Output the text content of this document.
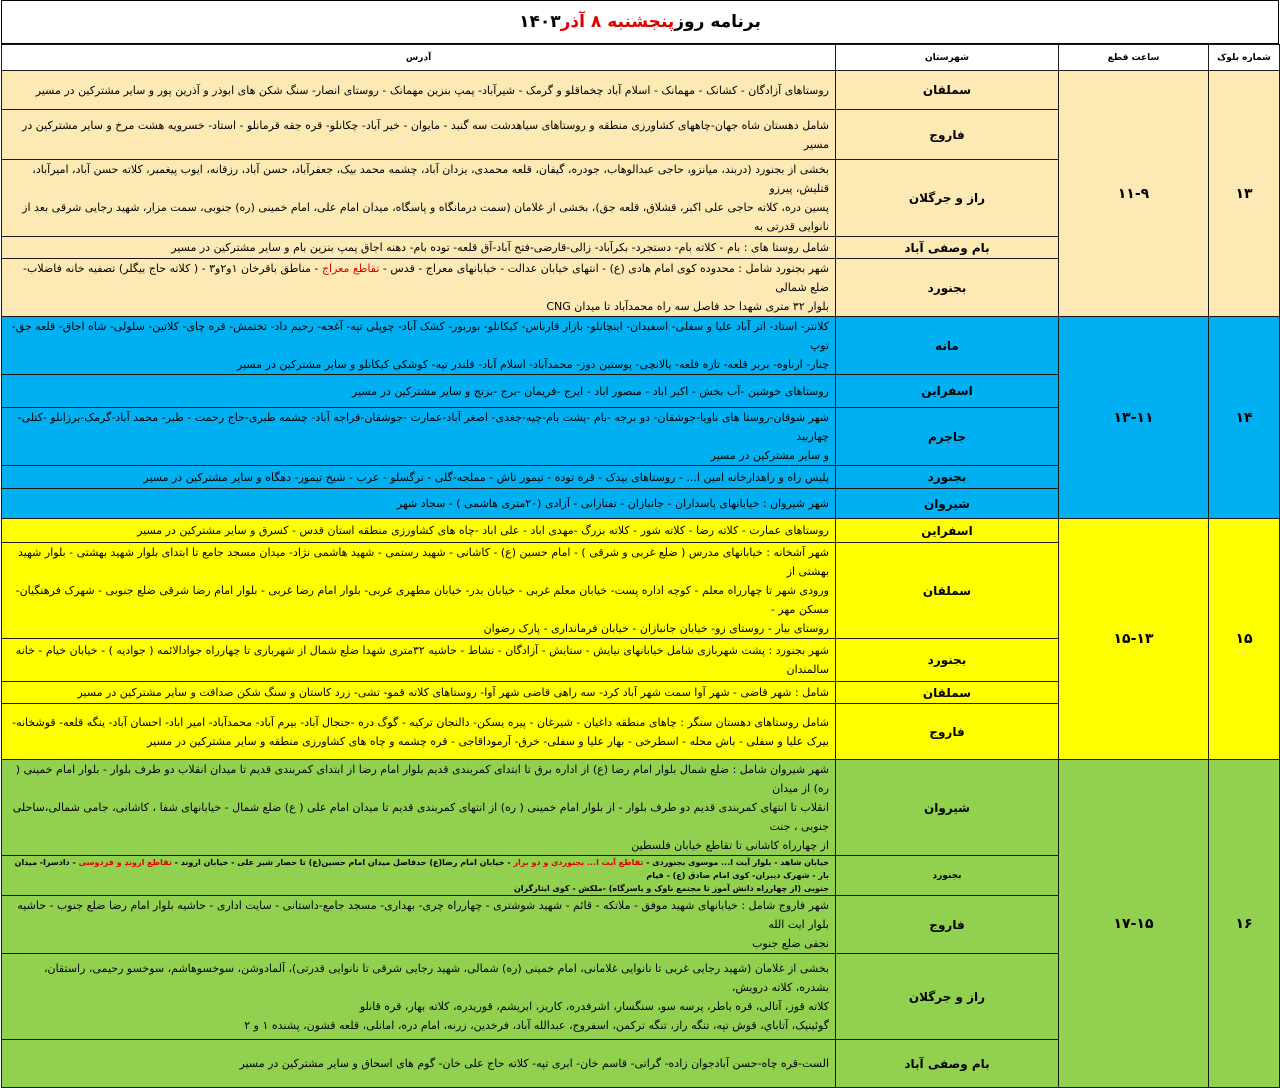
برنامه روز
پنجشنبه ۸ آذر
۱۴۰۳
شماره بلوک	ساعت قطع	شهرستان	آدرس
۱۳	۱۱-۹	سملقان	روستاهای آزادگان - کشانک - مهمانک - اسلام آباد چخماقلو و گرمک - شیرآباد- پمپ بنزین مهمانک - روستای انصار- سنگ شکن های ابوذر و آذرین پور و سایر مشترکین در مسیر
		فاروج	شامل دهستان شاه جهان-چاههای کشاورزی منطقه و روستاهای سیاهدشت سه گنبد - مایوان - خیر آباد- چکانلو- قره جقه قرمانلو - استاد- خسرویه هشت مرخ و سایر مشترکین در مسیر
		راز و جرگلان	بخشی از بجنورد (دربند، میانزو، حاجی عبدالوهاب، جودره، گیفان، قلعه محمدی، یزدان آباد، چشمه محمد بیک، جعفرآباد، حسن آباد، رزقانه، ایوب پیغمبر، کلاته حسن آباد، امیرآباد، قتلیش، پیرزو
پسین دره، کلاته حاجی علی اکبر، قشلاق، قلعه جق)، بخشی از غلامان (سمت درمانگاه و پاسگاه، میدان امام علی، امام خمینی (ره) جنوبی، سمت مزار، شهید رجایی شرقی بعد از نانوایی قدرتی به
		بام وصفی آباد	شامل روستا های : بام - کلاته بام- دستجرد- بکرآباد- زالی-قارضی-فتح آباد-آق قلعه- توده بام- دهنه اجاق پمپ بنزین بام و سایر مشترکین در مسیر
		بجنورد	شهر بجنورد شامل : محدوده کوی امام هادی (ع) - انتهای خیابان عدالت - خیابانهای معراج - قدس - تقاطع معراج - مناطق باقرخان ۱و۲و۳ - ( کلاته حاج بیگلر) تصفیه خانه فاضلاب-ضلع شمالی
بلوار ۳۲ متری شهدا حد فاصل سه راه محمدآباد تا میدان CNG
۱۴	۱۳-۱۱	مانه	کلانتر- استاد- اتر آباد علیا و سفلی- اسفیدان- اینچانلو- بازار قارناس- کیکانلو- بوربور- کشک آباد- چوپلی تپه- آغجه- رحیم داد- تختمش- قره چای- کلاتین- سلولی- شاه اجاق- قلعه جق- توپ
چنار- ارناوه- بربر قلعه- تازه قلعه- یالانچی- پوستین دوز- محمدآباد- اسلام آباد- قلندر تپه- کوشکی کیکانلو و سایر مشترکین در مسیر
		اسفراین	روستاهای خوشین -آب بخش - اکبر اباد - منصور اباد - ایرج -فریمان -برج -بزنج و سایر مشترکین در مسیر
		جاجرم	شهر شوقان-روستا های ناویا-جوشقان- دو برجه -بام -پشت بام-چیه-جغدی- اصغر آباد-عمارت -جوشقان-قراجه آباد- چشمه طبری-حاج رحمت - طبر- محمد آباد-گرمک-برزانلو -کتلی-چهاربید
و سایر مشترکین در مسیر
		بجنورد	پلیس راه و راهدارخانه امین ا... - روستاهای بیدک - قره توده - تیمور تاش - مملجه-گلی - ترگسلو - عرب - شیخ تیمور- دهگاه و سایر مشترکین در مسیر
		شیروان	شهر شیروان : خیابانهای پاسداران - جانبازان - تفتازانی - آزادی (۲۰متری هاشمی ) - سجاد شهر
۱۵	۱۵-۱۳	اسفراین	روستاهای عمارت - کلاته رضا - کلاته شور - کلاته بزرگ -مهدی اباد - علی اباد -چاه های کشاورزی منطقه استان قدس - کسرق و سایر مشترکین در مسیر
		سملقان	شهر آشخانه : خیابانهای مدرس ( ضلع غربی و شرقی ) - امام حسین (ع) - کاشانی - شهید رستمی - شهید هاشمی نژاد- میدان مسجد جامع تا ابتدای بلوار شهید بهشتی - بلوار شهید بهشتی از
ورودی شهر تا چهارراه معلم - کوچه اداره پست- خیابان معلم غربی - خیابان بدر- خیابان مطهری غربی- بلوار امام رضا غربی - بلوار امام رضا شرقی ضلع جنوبی - شهرک فرهنگیان- مسکن مهر -
روستای بیار - روستای زو- خیابان جانبازان - خیابان فرمانداری - پارک رضوان
		بجنورد	شهر بجنورد : پشت شهربازی شامل خیابانهای نیایش - ستایش - آزادگان - نشاط - حاشیه ۳۲متری شهدا ضلع شمال از شهربازی تا چهارراه جوادالائمه ( جوادیه ) - خیابان خیام - خانه سالمندان
		سملقان	شامل : شهر قاضی - شهر آوا سمت شهر آباد کرد- سه راهی قاضی شهر آوا- روستاهای کلاته قمو- تشی- زرد کاستان و سنگ شکن صداقت و سایر مشترکین در مسیر
		فاروج	شامل روستاهای دهستان سنگر : چاهای منطقه داغیان - شیرغان - پیره یسکن- دالنجان ترکیه - گوگ دره -جنجال آباد- بیرم آباد- محمدآباد- امیر اباد- احسان آباد- ینگه قلعه- قوشخانه-
بیرک علیا و سفلی - باش محله - اسطرخی - بهار علیا و سفلی- خرق- آرموداقاجی - قره چشمه و چاه های کشاورزی منطقه و سایر مشترکین در مسیر
۱۶	۱۷-۱۵	شیروان	شهر شیروان شامل : ضلع شمال بلوار امام رضا (ع) از اداره برق تا ابتدای کمربندی قدیم بلوار امام رضا از ابتدای کمربندی قدیم تا میدان انقلاب دو طرف بلوار - بلوار امام خمینی ( ره) از میدان
انقلاب تا انتهای کمربندی قدیم دو طرف بلوار - از بلوار امام خمینی ( ره) از انتهای کمربندی قدیم تا میدان امام علی ( ع) ضلع شمال - خیابانهای شفا ، کاشانی، جامی شمالی،ساحلی جنوبی ، جنت
از چهارراه کاشانی تا تقاطع خیابان فلسطین
		بجنورد	خیابان شاهد - بلوار آیت ا... موسوی بجنوردی - تقاطع آیت ا... بجنوردی و دو برار - خیابان امام رضا(ع) حدفاصل میدان امام حسین(ع) تا حصار شیر علی - خیابان اروند - تقاطع اروند و فردوسی - دادسرا- میدان بار - شهرک دیبران- کوی امام صادق (ع) - قیام
جنوبی (از چهارراه دانش آموز تا مجتمع ناوک و یاسرگاه) -ملکش - کوی ایثارگران
		فاروج	شهر فاروج شامل : خیابانهای شهید موفق - ملاتکه - قائم - شهید شوشتری - چهارراه چری- بهداری- مسجد جامع-داستانی - سایت اداری - حاشیه بلوار امام رضا ضلع جنوب - حاشیه بلوار ایت الله
نجفی ضلع جنوب
		راز و جرگلان	بخشی از غلامان (شهید رجایی غربی تا نانوایی غلامانی، امام خمینی (ره) شمالی، شهید رجایی شرقی تا نانوایی قدرتی)، آلمادوشن، سوخسوهاشم، سوخسو رحیمی، راستقان، بشدره، کلاته درویش،
کلاته قوز، آتالی، قره باطر، پرسه سو، سنگسار، اشرفدره، کاریز، ابریشم، قوریدره، کلاته بهار، قره قانلو
گوئینیک، آتاباي، قوش تپه، تنگه راز، تنگه ترکمن، اسفروج، عبدالله آباد، فرخدین، زرنه، امام دره، امانلی، قلعه قشون، پشنده ۱ و ۲
		بام وصفی آباد	الست-قره چاه-حسن آبادجوان زاده- گراتی- قاسم خان- ابری تپه- کلاته حاج علی خان- گوم های اسحاق و سایر مشترکین در مسیر
